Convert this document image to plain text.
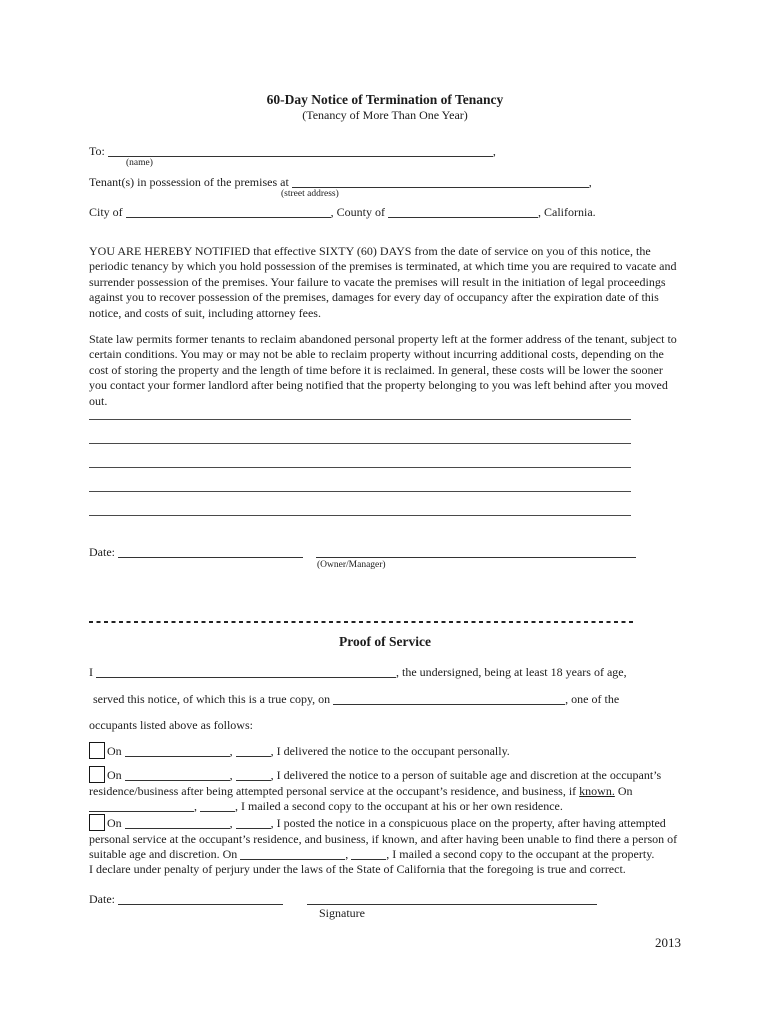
60-Day Notice of Termination of Tenancy
(Tenancy of More Than One Year)
To:	,
(name)
Tenant(s) in possession of the premises at	,
(street address)
City of	, County of	, California.
YOU ARE HEREBY NOTIFIED that effective SIXTY (60) DAYS from the date of service on you of this notice, the periodic tenancy by which you hold possession of the premises is terminated, at which time you are required to vacate and surrender possession of the premises. Your failure to vacate the premises will result in the initiation of legal proceedings against you to recover possession of the premises, damages for every day of occupancy after the expiration date of this notice, and costs of suit, including attorney fees.
State law permits former tenants to reclaim abandoned personal property left at the former address of the tenant, subject to certain conditions. You may or may not be able to reclaim property without incurring additional costs, depending on the cost of storing the property and the length of time before it is reclaimed. In general, these costs will be lower the sooner you contact your former landlord after being notified that the property belonging to you was left behind after you moved out.
Date:
(Owner/Manager)
Proof of Service
I	, the undersigned, being at least 18 years of age,
served this notice, of which this is a true copy, on	, one of the
occupants listed above as follows:
On	,	, I delivered the notice to the occupant personally.
On	,	, I delivered the notice to a person of suitable age and discretion at the occupant’s residence/business after being attempted personal service at the occupant’s residence, and business, if known. On ,	, I mailed a second copy to the occupant at his or her own residence.
On	,	, I posted the notice in a conspicuous place on the property, after having attempted personal service at the occupant’s residence, and business, if known, and after having been unable to find there a person of suitable age and discretion. On	,	, I mailed a second copy to the occupant at the property.
I declare under penalty of perjury under the laws of the State of California that the foregoing is true and correct.
Date:
Signature
2013
